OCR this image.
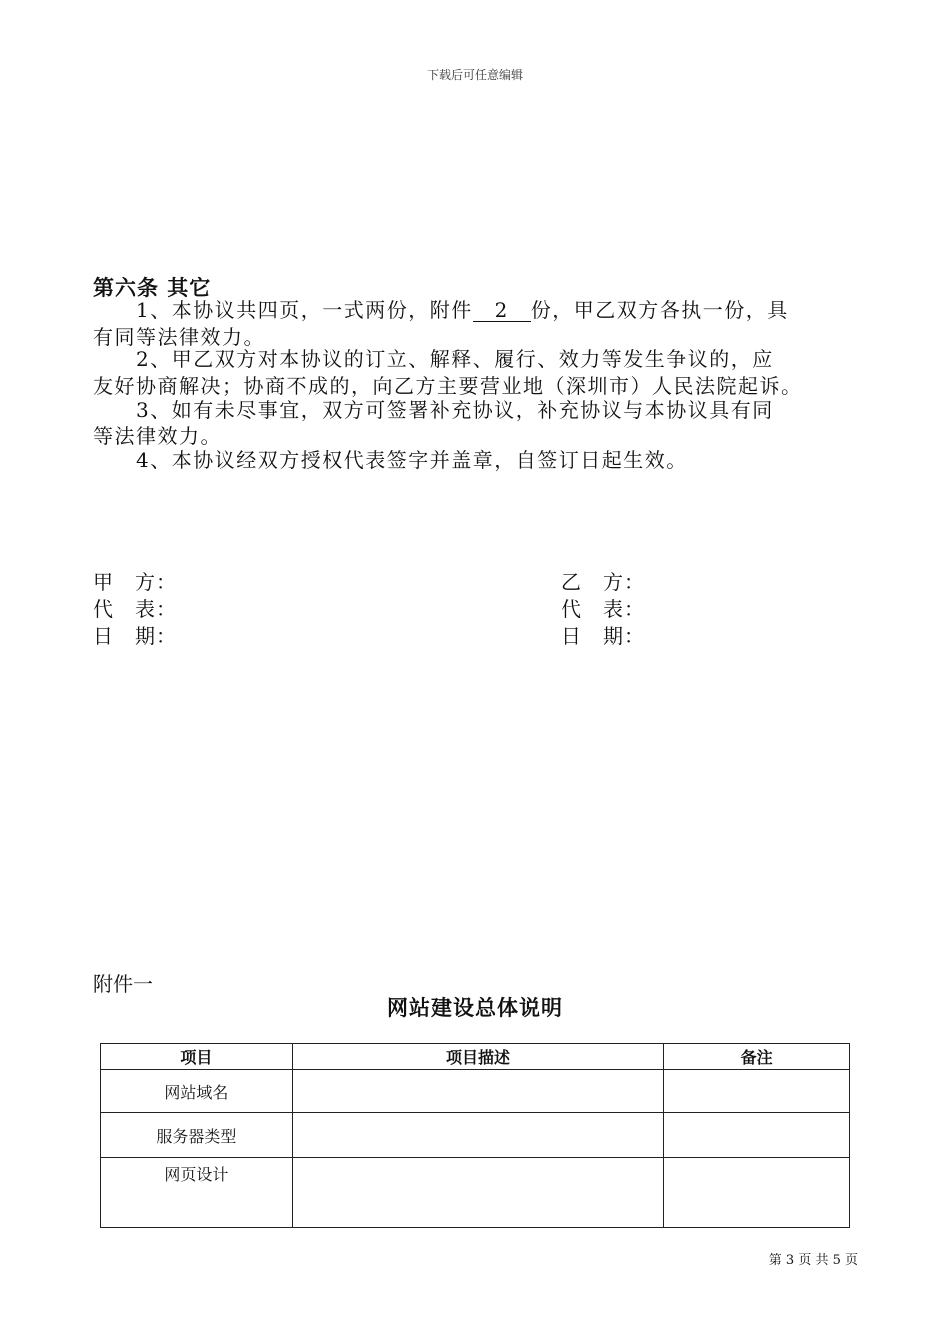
下载后可任意编辑
第六条 其它
1、本协议共四页，一式两份，附件 2 份，甲乙双方各执一份，具
有同等法律效力。
2、甲乙双方对本协议的订立、解释、履行、效力等发生争议的，应
友好协商解决；协商不成的，向乙方主要营业地（深圳市）人民法院起诉。
3、如有未尽事宜，双方可签署补充协议，补充协议与本协议具有同
等法律效力。
4、本协议经双方授权代表签字并盖章，自签订日起生效。
甲 方：
代 表：
日 期：
乙 方：
代 表：
日 期：
附件一
网站建设总体说明
项目	项目描述	备注
网站域名		
服务器类型		
网页设计		
第 3 页 共 5 页
